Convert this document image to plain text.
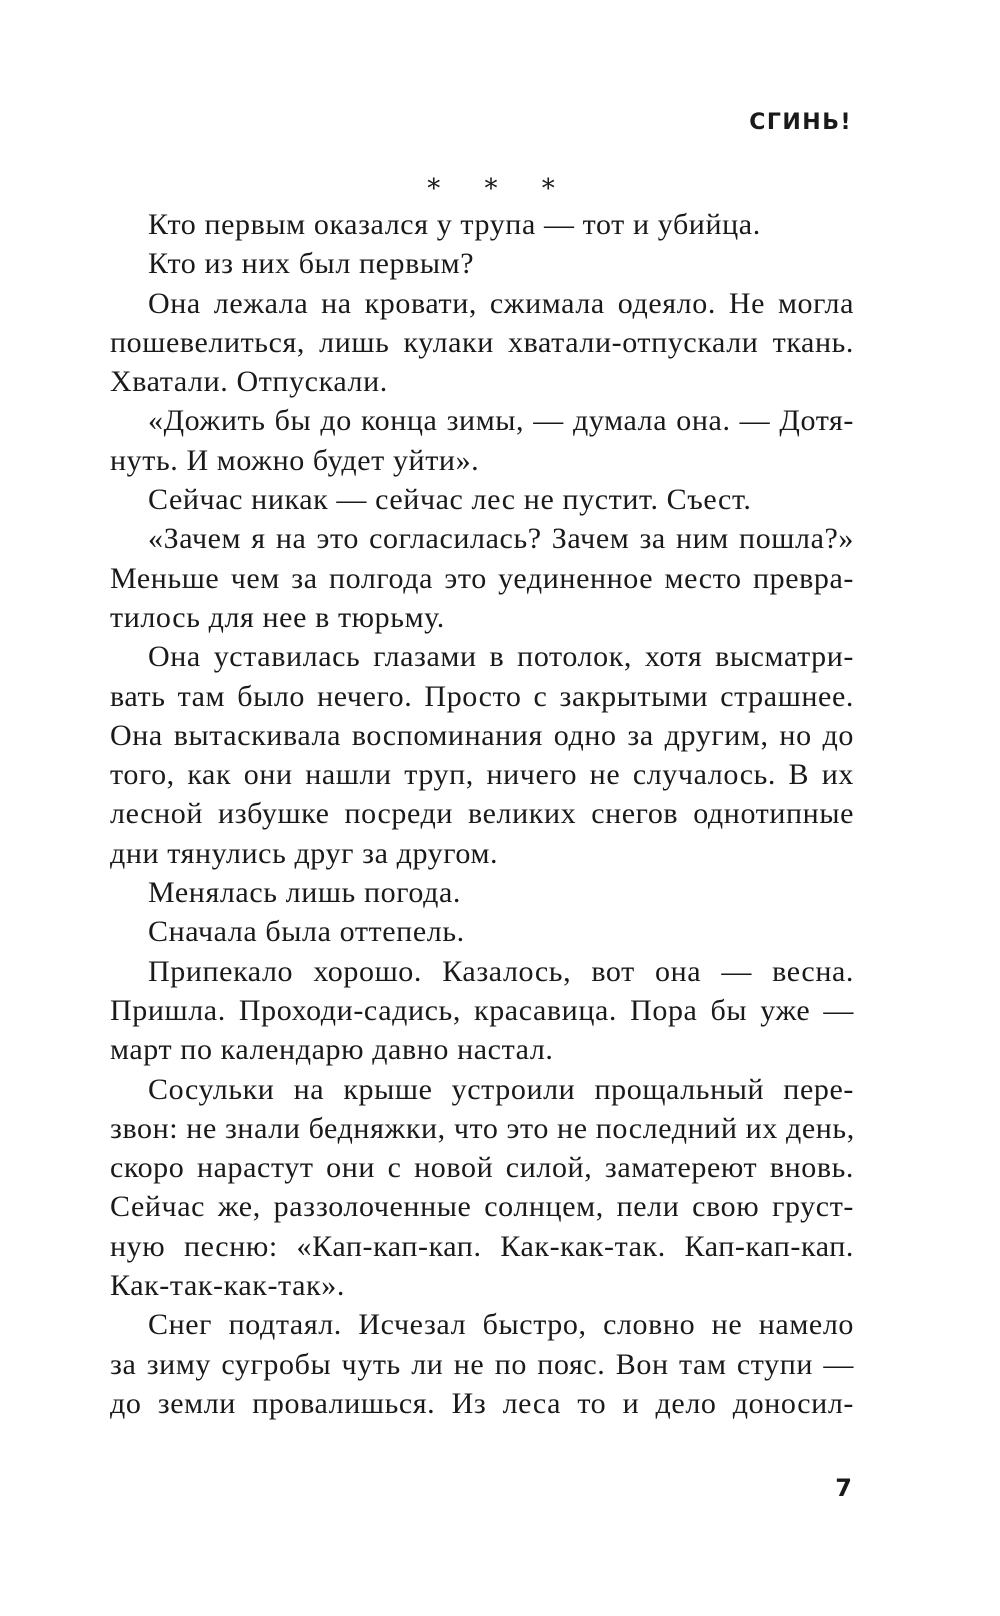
СГИНЬ!
* * *
Кто первым оказался у трупа — тот и убийца.
Кто из них был первым?
Она лежала на кровати, сжимала одеяло. Не могла
пошевелиться, лишь кулаки хватали-отпускали ткань.
Хватали. Отпускали.
«Дожить бы до конца зимы, — думала она. — Дотя-
нуть. И можно будет уйти».
Сейчас никак — сейчас лес не пустит. Съест.
«Зачем я на это согласилась? Зачем за ним пошла?»
Меньше чем за полгода это уединенное место превра-
тилось для нее в тюрьму.
Она уставилась глазами в потолок, хотя высматри-
вать там было нечего. Просто с закрытыми страшнее.
Она вытаскивала воспоминания одно за другим, но до
того, как они нашли труп, ничего не случалось. В их
лесной избушке посреди великих снегов однотипные
дни тянулись друг за другом.
Менялась лишь погода.
Сначала была оттепель.
Припекало хорошо. Казалось, вот она — весна.
Пришла. Проходи-садись, красавица. Пора бы уже —
март по календарю давно настал.
Сосульки на крыше устроили прощальный пере-
звон: не знали бедняжки, что это не последний их день,
скоро нарастут они с новой силой, заматереют вновь.
Сейчас же, раззолоченные солнцем, пели свою груст-
ную песню: «Кап-кап-кап. Как-как-так. Кап-кап-кап.
Как-так-как-так».
Снег подтаял. Исчезал быстро, словно не намело
за зиму сугробы чуть ли не по пояс. Вон там ступи —
до земли провалишься. Из леса то и дело доносил-
7
